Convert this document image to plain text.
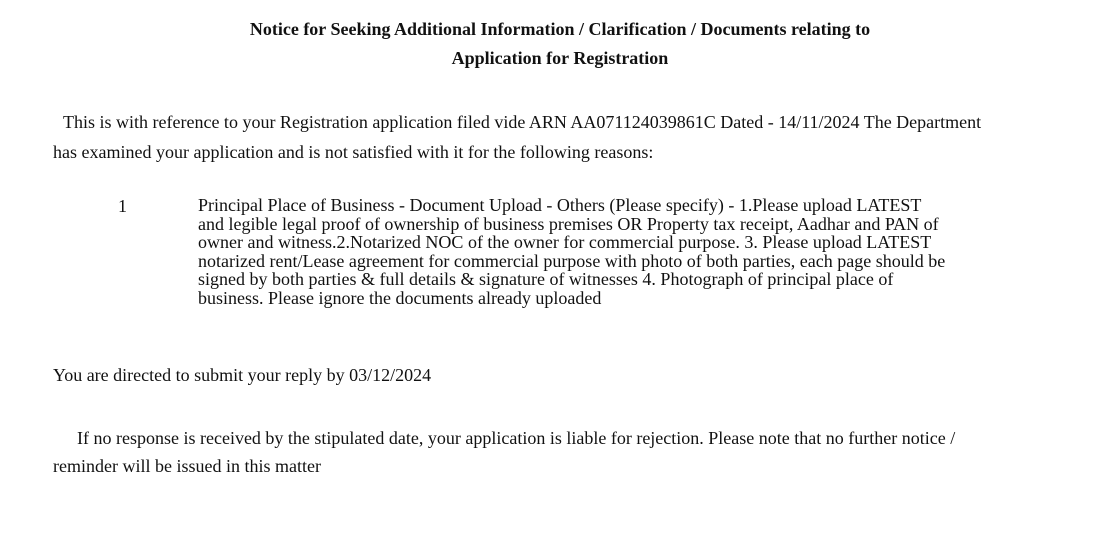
Notice for Seeking Additional Information / Clarification / Documents relating to
Application for Registration
This is with reference to your Registration application filed vide ARN AA071124039861C Dated - 14/11/2024 The Department
has examined your application and is not satisfied with it for the following reasons:
1	Principal Place of Business - Document Upload - Others (Please specify) - 1.Please upload LATEST
and legible legal proof of ownership of business premises OR Property tax receipt, Aadhar and PAN of
owner and witness.2.Notarized NOC of the owner for commercial purpose. 3. Please upload LATEST
notarized rent/Lease agreement for commercial purpose with photo of both parties, each page should be
signed by both parties & full details & signature of witnesses 4. Photograph of principal place of
business. Please ignore the documents already uploaded
You are directed to submit your reply by 03/12/2024
If no response is received by the stipulated date, your application is liable for rejection. Please note that no further notice /
reminder will be issued in this matter
